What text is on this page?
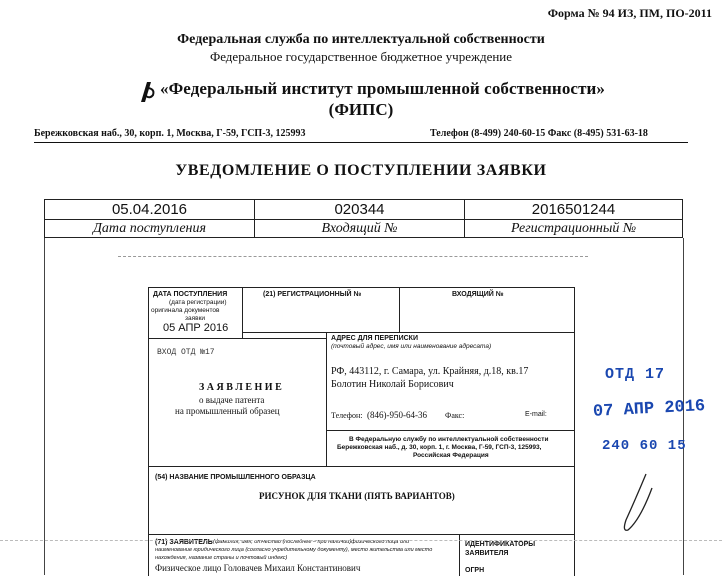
Форма № 94 ИЗ, ПМ, ПО-2011
Федеральная служба по интеллектуальной собственности
Федеральное государственное бюджетное учреждение
«Федеральный институт промышленной собственности»
(ФИПС)
Бережковская наб., 30, корп. 1, Москва, Г-59, ГСП-3, 125993	Телефон (8-499) 240-60-15 Факс (8-495) 531-63-18
УВЕДОМЛЕНИЕ О ПОСТУПЛЕНИИ ЗАЯВКИ
05.04.2016	020344	2016501244
Дата поступления	Входящий №	Регистрационный №
ДАТА ПОСТУПЛЕНИЯ
(дата регистрации)
оригинала документов
заявки
05 АПР 2016
(21) РЕГИСТРАЦИОННЫЙ №	ВХОДЯЩИЙ №
ВХОД ОТД №17
З А Я В Л Е Н И Е
о выдаче патента
на промышленный образец
АДРЕС ДЛЯ ПЕРЕПИСКИ
(почтовый адрес, имя или наименование адресата)
РФ, 443112, г. Самара, ул. Крайняя, д.18, кв.17
Болотин Николай Борисович
Телефон: (846)-950-64-36 Факс:	E-mail:
В Федеральную службу по интеллектуальной собственности
Бережковская наб., д. 30, корп. 1, г. Москва, Г-59, ГСП-3, 125993,
Российская Федерация
(54) НАЗВАНИЕ ПРОМЫШЛЕННОГО ОБРАЗЦА
РИСУНОК ДЛЯ ТКАНИ (ПЯТЬ ВАРИАНТОВ)
(71) ЗАЯВИТЕЛЬ (фамилия, имя, отчество (последнее – при наличии)физического лица или
наименование юридического лица (согласно учредительному документу), место жительства или место
нахождения, название страны и почтовый индекс)
Физическое лицо Головачев Михаил Константинович
ИДЕНТИФИКАТОРЫ
ЗАЯВИТЕЛЯ
ОГРН
ОТД 17
07 АПР 2016
240 60 15
